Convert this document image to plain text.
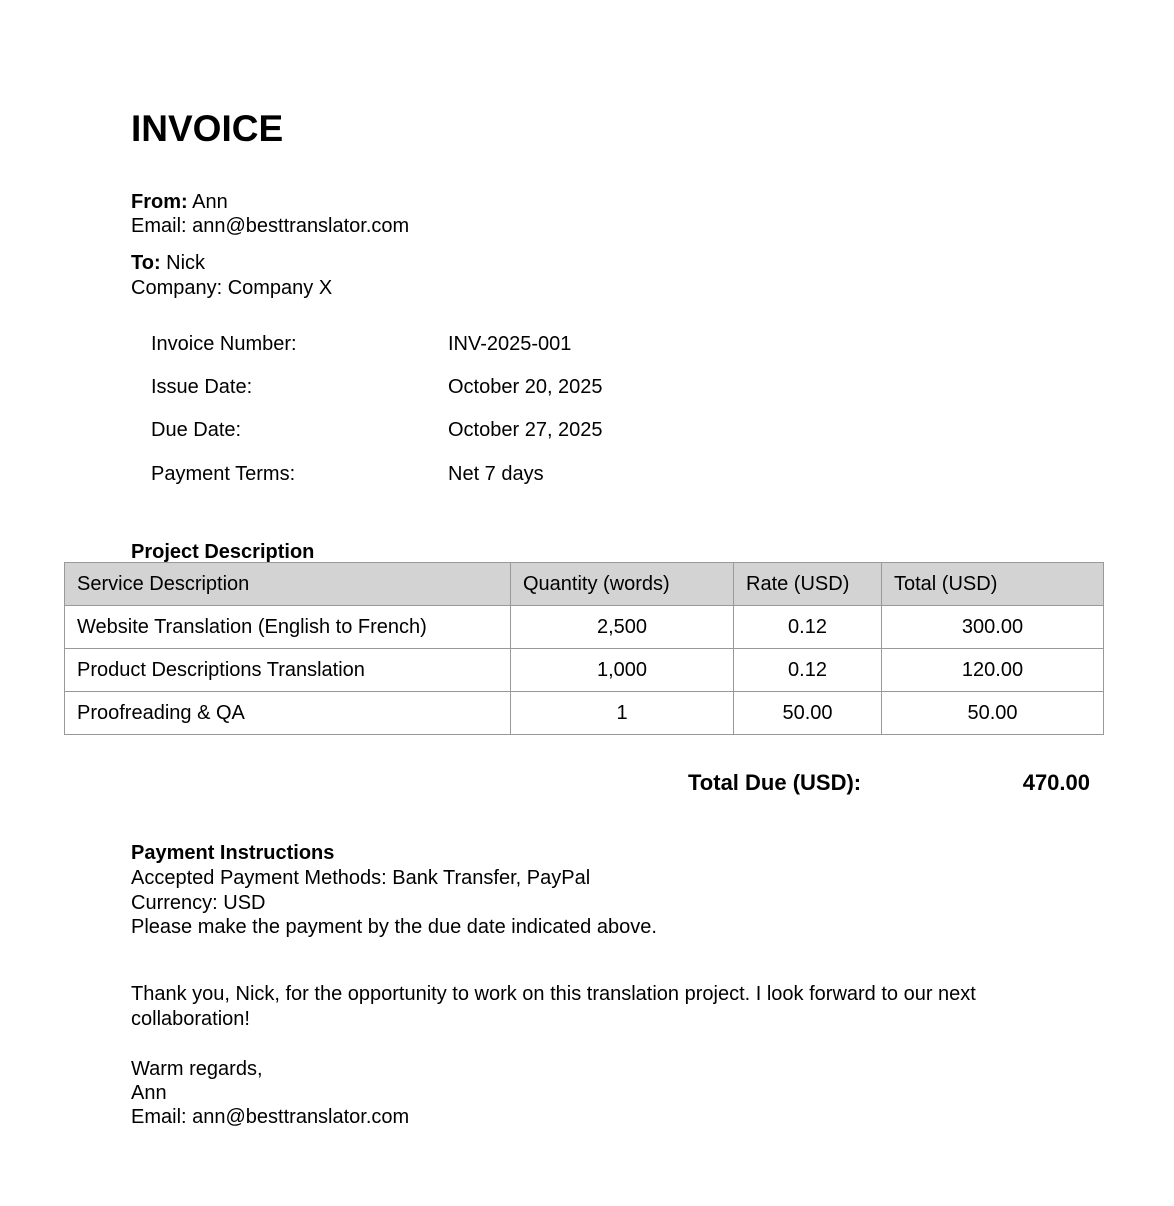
INVOICE
From: Ann
Email: ann@besttranslator.com
To: Nick
Company: Company X
Invoice Number:	INV-2025-001
Issue Date:	October 20, 2025
Due Date:	October 27, 2025
Payment Terms:	Net 7 days
Project Description
Service Description	Quantity (words)	Rate (USD)	Total (USD)
Website Translation (English to French)	2,500	0.12	300.00
Product Descriptions Translation	1,000	0.12	120.00
Proofreading & QA	1	50.00	50.00
Total Due (USD):	470.00
Payment Instructions
Accepted Payment Methods: Bank Transfer, PayPal
Currency: USD
Please make the payment by the due date indicated above.
Thank you, Nick, for the opportunity to work on this translation project. I look forward to our next collaboration!
Warm regards,
Ann
Email: ann@besttranslator.com
